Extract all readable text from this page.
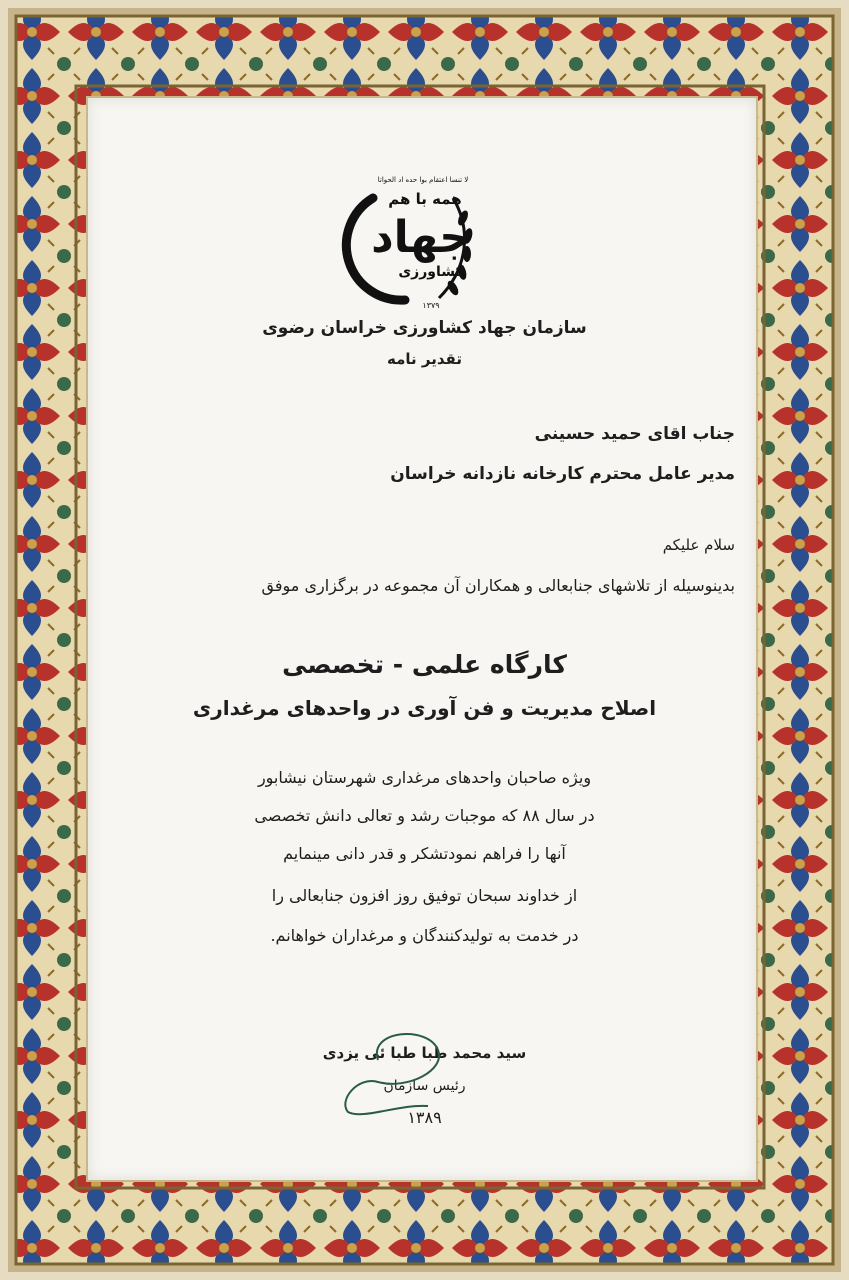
لا تنسا اعتقام بوا حده اد الحواتا
همه با هم
جهاد
کشاورزی
۱۳۷۹
سازمان جهاد کشاورزی خراسان رضوی
تقدیر نامه
جناب اقای حمید حسینی
مدیر عامل محترم کارخانه نازدانه خراسان
سلام علیکم
بدینوسیله از تلاشهای جنابعالی و همکاران آن مجموعه در برگزاری موفق
کارگاه علمی - تخصصی
اصلاح مدیریت و فن آوری در واحدهای مرغداری
ویژه صاحبان واحدهای مرغداری شهرستان نیشابور
در سال ۸۸ که موجبات رشد و تعالی دانش تخصصی
آنها را فراهم نمودتشکر و قدر دانی مینمایم
از خداوند سبحان توفیق روز افزون جنابعالی را
در خدمت به تولیدکنندگان و مرغداران خواهانم.
سید محمد طبا طبا ئی یزدی
رئیس سازمان
۱۳۸۹
